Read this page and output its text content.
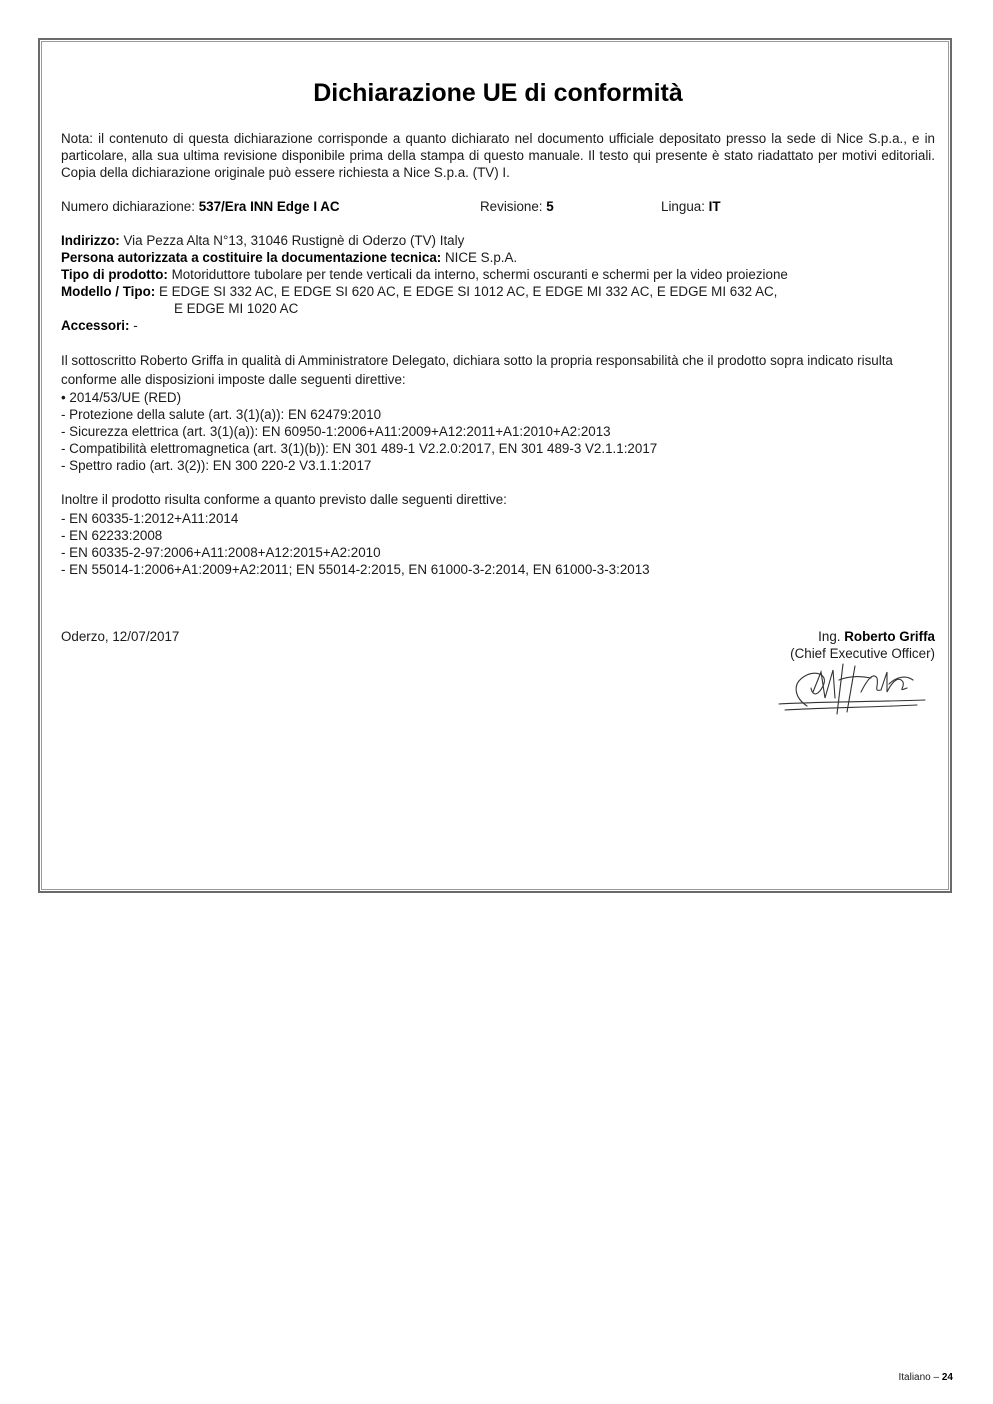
Dichiarazione UE di conformità

Nota: il contenuto di questa dichiarazione corrisponde a quanto dichiarato nel documento ufficiale depositato presso la sede di Nice S.p.a., e in particolare, alla sua ultima revisione disponibile prima della stampa di questo manuale. Il testo qui presente è stato riadattato per motivi editoriali. Copia della dichiarazione originale può essere richiesta a Nice S.p.a. (TV) I.

Numero dichiarazione: 537/Era INN Edge I AC	Revisione: 5	Lingua: IT

Indirizzo: Via Pezza Alta N°13, 31046 Rustignè di Oderzo (TV) Italy

Persona autorizzata a costituire la documentazione tecnica: NICE S.p.A.

Tipo di prodotto: Motoriduttore tubolare per tende verticali da interno, schermi oscuranti e schermi per la video proiezione

Modello / Tipo: E EDGE SI 332 AC, E EDGE SI 620 AC, E EDGE SI 1012 AC, E EDGE MI 332 AC, E EDGE MI 632 AC,

E EDGE MI 1020 AC

Accessori: -

Il sottoscritto Roberto Griffa in qualità di Amministratore Delegato, dichiara sotto la propria responsabilità che il prodotto sopra indicato risulta conforme alle disposizioni imposte dalle seguenti direttive:

• 2014/53/UE (RED)
- Protezione della salute (art. 3(1)(a)): EN 62479:2010
- Sicurezza elettrica (art. 3(1)(a)): EN 60950-1:2006+A11:2009+A12:2011+A1:2010+A2:2013
- Compatibilità elettromagnetica (art. 3(1)(b)): EN 301 489-1 V2.2.0:2017, EN 301 489-3 V2.1.1:2017
- Spettro radio (art. 3(2)): EN 300 220-2 V3.1.1:2017

Inoltre il prodotto risulta conforme a quanto previsto dalle seguenti direttive:

- EN 60335-1:2012+A11:2014
- EN 62233:2008
- EN 60335-2-97:2006+A11:2008+A12:2015+A2:2010
- EN 55014-1:2006+A1:2009+A2:2011; EN 55014-2:2015, EN 61000-3-2:2014, EN 61000-3-3:2013
Oderzo, 12/07/2017	Ing. Roberto Griffa
(Chief Executive Officer)
Italiano – 24
